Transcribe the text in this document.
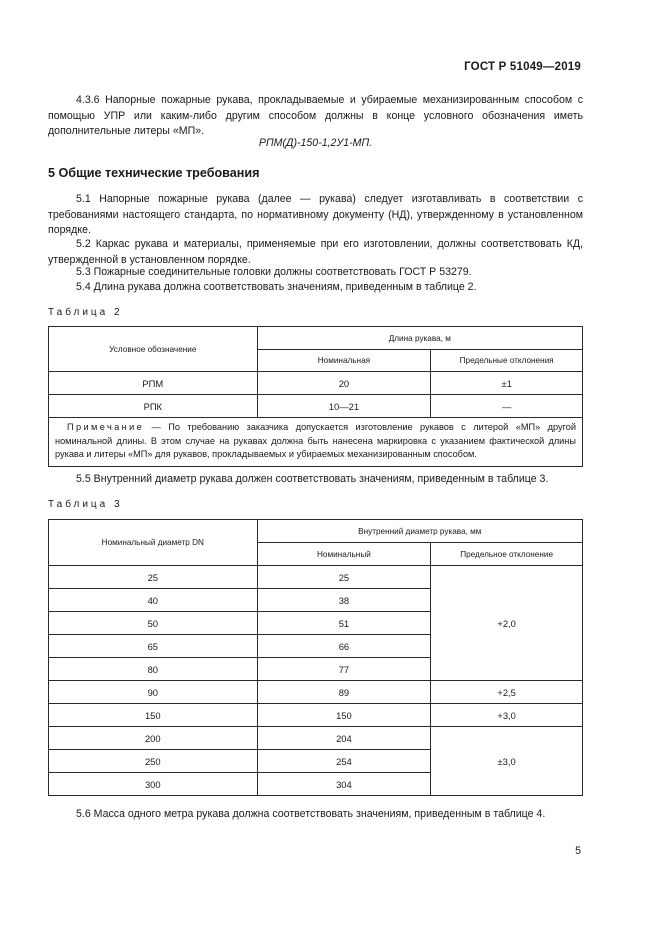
ГОСТ Р 51049—2019

4.3.6 Напорные пожарные рукава, прокладываемые и убираемые механизированным способом с помощью УПР или каким-либо другим способом должны в конце условного обозначения иметь дополнительные литеры «МП».

РПМ(Д)-150-1,2У1-МП.
5 Общие технические требования

5.1 Напорные пожарные рукава (далее — рукава) следует изготавливать в соответствии с требованиями настоящего стандарта, по нормативному документу (НД), утвержденному в установленном порядке.

5.2 Каркас рукава и материалы, применяемые при его изготовлении, должны соответствовать КД, утвержденной в установленном порядке.

5.3 Пожарные соединительные головки должны соответствовать ГОСТ Р 53279.

5.4 Длина рукава должна соответствовать значениям, приведенным в таблице 2.

Таблица 2
Условное обозначение	Длина рукава, м	
	Номинальная	Предельные отклонения
РПМ	20	±1
РПК	10—21	—
Примечание — По требованию заказчика допускается изготовление рукавов с литерой «МП» другой номинальной длины. В этом случае на рукавах должна быть нанесена маркировка с указанием фактической длины рукава и литеры «МП» для рукавов, прокладываемых и убираемых механизированным способом.		

5.5 Внутренний диаметр рукава должен соответствовать значениям, приведенным в таблице 3.

Таблица 3
Номинальный диаметр DN	Внутренний диаметр рукава, мм	
	Номинальный	Предельное отклонение
25	25	+2,0
40	38	
50	51	
65	66	
80	77	
90	89	+2,5
150	150	+3,0
200	204	±3,0
250	254	
300	304	

5.6 Масса одного метра рукава должна соответствовать значениям, приведенным в таблице 4.

5
